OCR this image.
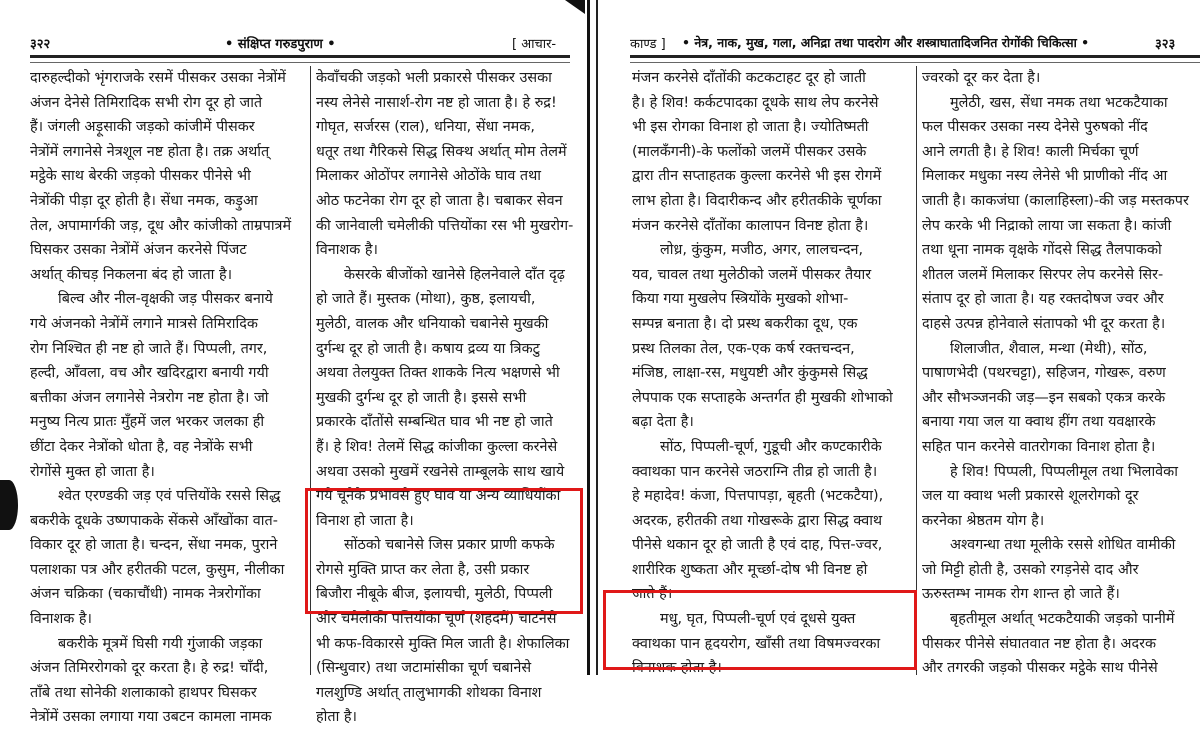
३२२	• संक्षिप्त गरुडपुराण •	[ आचार-
दारुहल्दीको भृंगराजके रसमें पीसकर उसका नेत्रोंमें
अंजन देनेसे तिमिरादिक सभी रोग दूर हो जाते
हैं। जंगली अड़ूसाकी जड़को कांजीमें पीसकर
नेत्रोंमें लगानेसे नेत्रशूल नष्ट होता है। तक्र अर्थात्
मट्ठेके साथ बेरकी जड़को पीसकर पीनेसे भी
नेत्रोंकी पीड़ा दूर होती है। सेंधा नमक, कड़ुआ
तेल, अपामार्गकी जड़, दूध और कांजीको ताम्रपात्रमें
घिसकर उसका नेत्रोंमें अंजन करनेसे पिंजट
अर्थात् कीचड़ निकलना बंद हो जाता है।
बिल्व और नील-वृक्षकी जड़ पीसकर बनाये
गये अंजनको नेत्रोंमें लगाने मात्रसे तिमिरादिक
रोग निश्चित ही नष्ट हो जाते हैं। पिप्पली, तगर,
हल्दी, आँवला, वच और खदिरद्वारा बनायी गयी
बत्तीका अंजन लगानेसे नेत्ररोग नष्ट होता है। जो
मनुष्य नित्य प्रातः मुँहमें जल भरकर जलका ही
छींटा देकर नेत्रोंको धोता है, वह नेत्रोंके सभी
रोगोंसे मुक्त हो जाता है।
श्वेत एरण्डकी जड़ एवं पत्तियोंके रससे सिद्ध
बकरीके दूधके उष्णपाकके सेंकसे आँखोंका वात-
विकार दूर हो जाता है। चन्दन, सेंधा नमक, पुराने
पलाशका पत्र और हरीतकी पटल, कुसुम, नीलीका
अंजन चक्रिका (चकाचौंधी) नामक नेत्ररोगोंका
विनाशक है।
बकरीके मूत्रमें घिसी गयी गुंजाकी जड़का
अंजन तिमिररोगको दूर करता है। हे रुद्र! चाँदी,
ताँबे तथा सोनेकी शलाकाको हाथपर घिसकर
नेत्रोंमें उसका लगाया गया उबटन कामला नामक
केवाँचकी जड़को भली प्रकारसे पीसकर उसका
नस्य लेनेसे नासार्श-रोग नष्ट हो जाता है। हे रुद्र!
गोघृत, सर्जरस (राल), धनिया, सेंधा नमक,
धतूर तथा गैरिकसे सिद्ध सिक्थ अर्थात् मोम तेलमें
मिलाकर ओठोंपर लगानेसे ओठोंके घाव तथा
ओठ फटनेका रोग दूर हो जाता है। चबाकर सेवन
की जानेवाली चमेलीकी पत्तियोंका रस भी मुखरोग-
विनाशक है।
केसरके बीजोंको खानेसे हिलनेवाले दाँत दृढ़
हो जाते हैं। मुस्तक (मोथा), कुष्ठ, इलायची,
मुलेठी, वालक और धनियाको चबानेसे मुखकी
दुर्गन्ध दूर हो जाती है। कषाय द्रव्य या त्रिकटु
अथवा तेलयुक्त तिक्त शाकके नित्य भक्षणसे भी
मुखकी दुर्गन्ध दूर हो जाती है। इससे सभी
प्रकारके दाँतोंसे सम्बन्धित घाव भी नष्ट हो जाते
हैं। हे शिव! तेलमें सिद्ध कांजीका कुल्ला करनेसे
अथवा उसको मुखमें रखनेसे ताम्बूलके साथ खाये
गये चूनेके प्रभावसे हुए घाव या अन्य व्याधियोंका
विनाश हो जाता है।
सोंठको चबानेसे जिस प्रकार प्राणी कफके
रोगसे मुक्ति प्राप्त कर लेता है, उसी प्रकार
बिजौरा नीबूके बीज, इलायची, मुलेठी, पिप्पली
और चमेलीकी पत्तियोंका चूर्ण (शहदमें) चाटनेसे
भी कफ-विकारसे मुक्ति मिल जाती है। शेफालिका
(सिन्धुवार) तथा जटामांसीका चूर्ण चबानेसे
गलशुण्डि अर्थात् तालुभागकी शोथका विनाश
होता है।
काण्ड ] • नेत्र, नाक, मुख, गला, अनिद्रा तथा पादरोग और शस्त्राघातादिजनित रोगोंकी चिकित्सा •	३२३
मंजन करनेसे दाँतोंकी कटकटाहट दूर हो जाती
है। हे शिव! कर्कटपादका दूधके साथ लेप करनेसे
भी इस रोगका विनाश हो जाता है। ज्योतिष्मती
(मालकँगनी)-के फलोंको जलमें पीसकर उसके
द्वारा तीन सप्ताहतक कुल्ला करनेसे भी इस रोगमें
लाभ होता है। विदारीकन्द और हरीतकीके चूर्णका
मंजन करनेसे दाँतोंका कालापन विनष्ट होता है।
लोध्र, कुंकुम, मजीठ, अगर, लालचन्दन,
यव, चावल तथा मुलेठीको जलमें पीसकर तैयार
किया गया मुखलेप स्त्रियोंके मुखको शोभा-
सम्पन्न बनाता है। दो प्रस्थ बकरीका दूध, एक
प्रस्थ तिलका तेल, एक-एक कर्ष रक्तचन्दन,
मंजिष्ठ, लाक्षा-रस, मधुयष्टी और कुंकुमसे सिद्ध
लेपपाक एक सप्ताहके अन्तर्गत ही मुखकी शोभाको
बढ़ा देता है।
सोंठ, पिप्पली-चूर्ण, गुडूची और कण्टकारीके
क्वाथका पान करनेसे जठराग्नि तीव्र हो जाती है।
हे महादेव! कंजा, पित्तपापड़ा, बृहती (भटकटैया),
अदरक, हरीतकी तथा गोखरूके द्वारा सिद्ध क्वाथ
पीनेसे थकान दूर हो जाती है एवं दाह, पित्त-ज्वर,
शारीरिक शुष्कता और मूर्च्छा-दोष भी विनष्ट हो
जाते हैं।
मधु, घृत, पिप्पली-चूर्ण एवं दूधसे युक्त
क्वाथका पान हृदयरोग, खाँसी तथा विषमज्वरका
विनाशक होता है।
ज्वरको दूर कर देता है।
मुलेठी, खस, सेंधा नमक तथा भटकटैयाका
फल पीसकर उसका नस्य देनेसे पुरुषको नींद
आने लगती है। हे शिव! काली मिर्चका चूर्ण
मिलाकर मधुका नस्य लेनेसे भी प्राणीको नींद आ
जाती है। काकजंघा (कालाहिस्ला)-की जड़ मस्तकपर
लेप करके भी निद्राको लाया जा सकता है। कांजी
तथा धूना नामक वृक्षके गोंदसे सिद्ध तैलपाकको
शीतल जलमें मिलाकर सिरपर लेप करनेसे सिर-
संताप दूर हो जाता है। यह रक्तदोषज ज्वर और
दाहसे उत्पन्न होनेवाले संतापको भी दूर करता है।
शिलाजीत, शैवाल, मन्था (मेथी), सोंठ,
पाषाणभेदी (पथरचट्टा), सहिजन, गोखरू, वरुण
और सौभञ्जनकी जड़—इन सबको एकत्र करके
बनाया गया जल या क्वाथ हींग तथा यवक्षारके
सहित पान करनेसे वातरोगका विनाश होता है।
हे शिव! पिप्पली, पिप्पलीमूल तथा भिलावेका
जल या क्वाथ भली प्रकारसे शूलरोगको दूर
करनेका श्रेष्ठतम योग है।
अश्वगन्धा तथा मूलीके रससे शोधित वामीकी
जो मिट्टी होती है, उसको रगड़नेसे दाद और
ऊरुस्तम्भ नामक रोग शान्त हो जाते हैं।
बृहतीमूल अर्थात् भटकटैयाकी जड़को पानीमें
पीसकर पीनेसे संघातवात नष्ट होता है। अदरक
और तगरकी जड़को पीसकर मट्ठेके साथ पीनेसे
